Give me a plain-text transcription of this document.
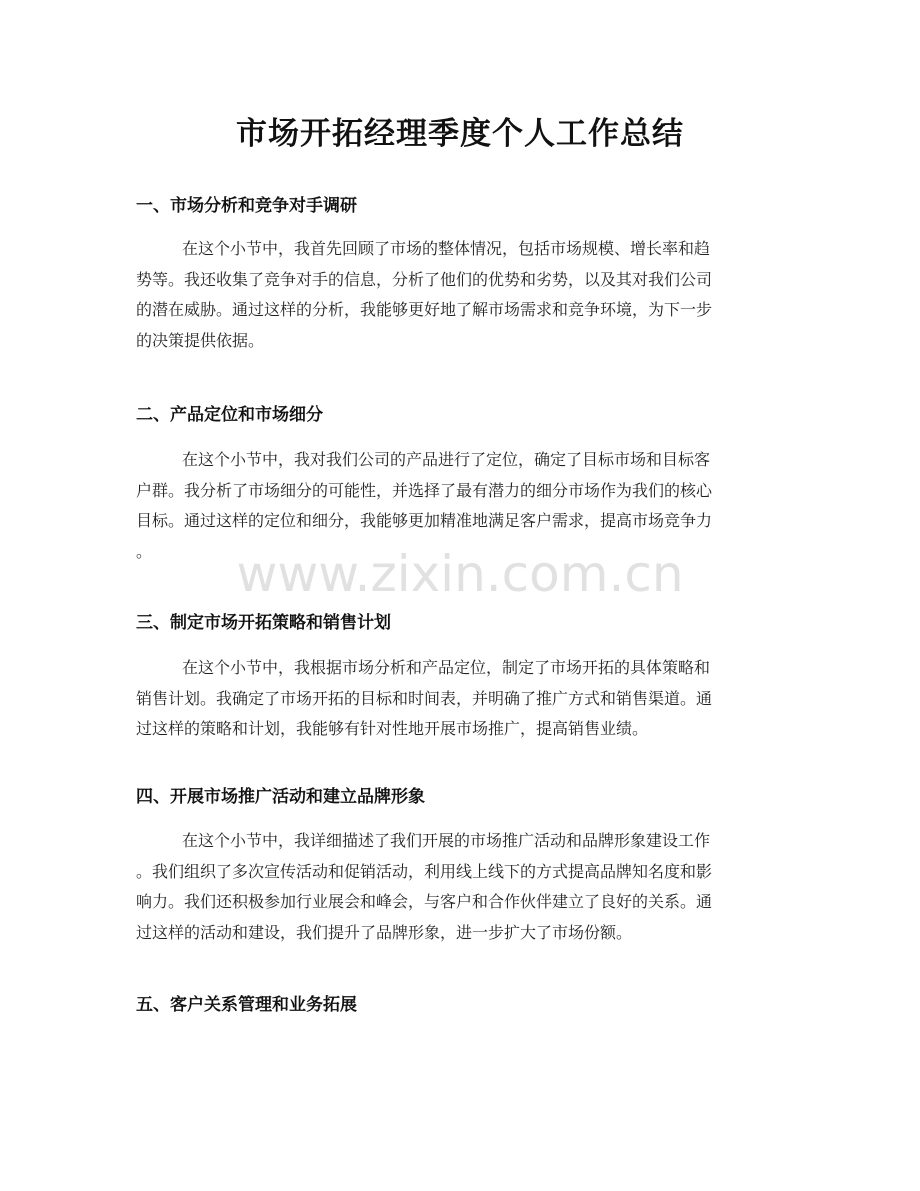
市场开拓经理季度个人工作总结
一、市场分析和竞争对手调研

在这个小节中，我首先回顾了市场的整体情况，包括市场规模、增长率和趋
势等。我还收集了竞争对手的信息，分析了他们的优势和劣势，以及其对我们公司
的潜在威胁。通过这样的分析，我能够更好地了解市场需求和竞争环境，为下一步
的决策提供依据。

二、产品定位和市场细分

在这个小节中，我对我们公司的产品进行了定位，确定了目标市场和目标客
户群。我分析了市场细分的可能性，并选择了最有潜力的细分市场作为我们的核心
目标。通过这样的定位和细分，我能够更加精准地满足客户需求，提高市场竞争力
。	www.zixin.com.cn
三、制定市场开拓策略和销售计划

在这个小节中，我根据市场分析和产品定位，制定了市场开拓的具体策略和
销售计划。我确定了市场开拓的目标和时间表，并明确了推广方式和销售渠道。通
过这样的策略和计划，我能够有针对性地开展市场推广，提高销售业绩。

四、开展市场推广活动和建立品牌形象

在这个小节中，我详细描述了我们开展的市场推广活动和品牌形象建设工作
。我们组织了多次宣传活动和促销活动，利用线上线下的方式提高品牌知名度和影
响力。我们还积极参加行业展会和峰会，与客户和合作伙伴建立了良好的关系。通
过这样的活动和建设，我们提升了品牌形象，进一步扩大了市场份额。

五、客户关系管理和业务拓展
